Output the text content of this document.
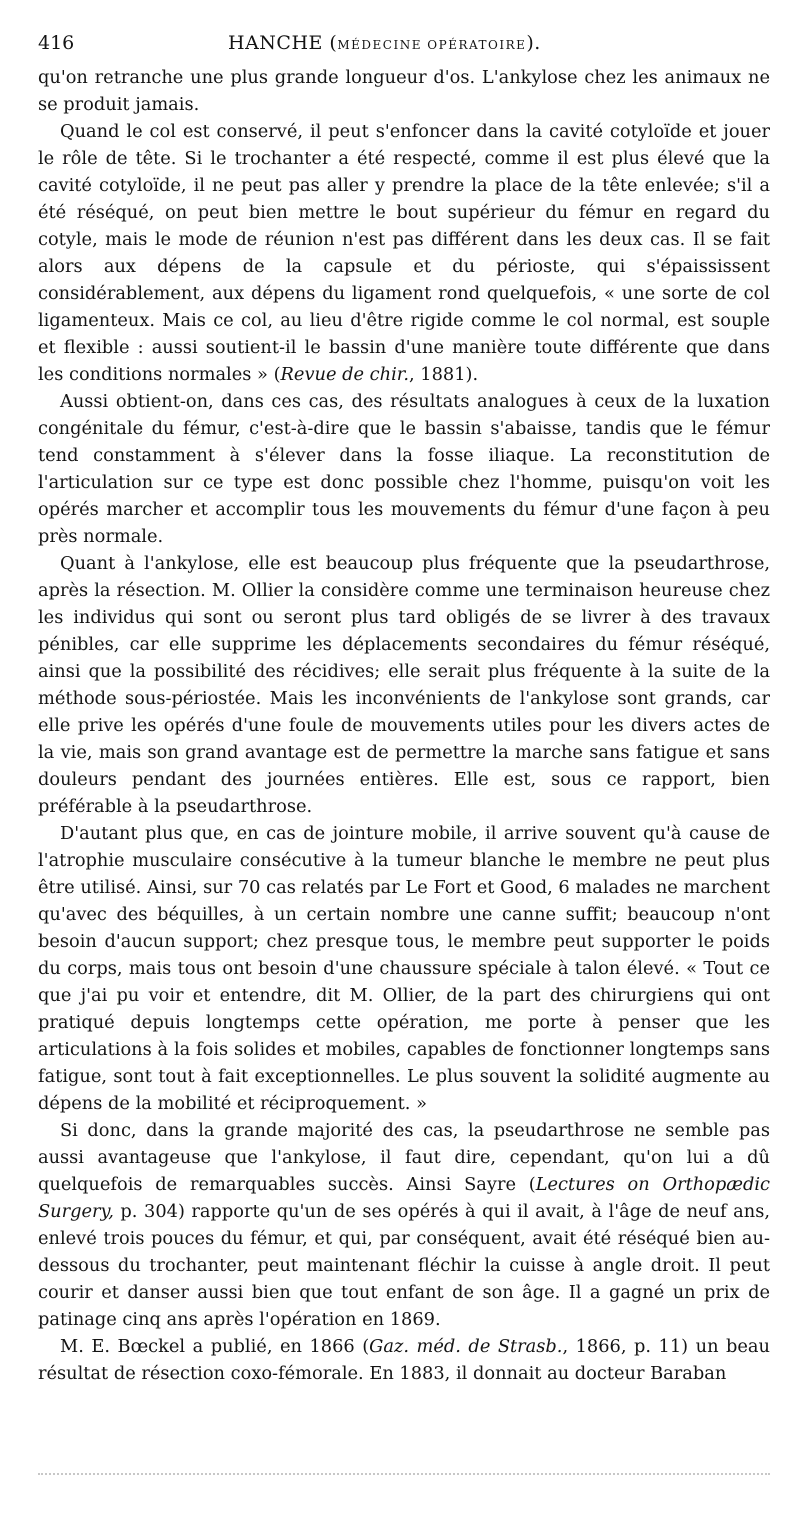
416	HANCHE (MÉDECINE OPÉRATOIRE).

qu'on retranche une plus grande longueur d'os. L'ankylose chez les animaux ne se produit jamais.

Quand le col est conservé, il peut s'enfoncer dans la cavité cotyloïde et jouer le rôle de tête. Si le trochanter a été respecté, comme il est plus élevé que la cavité cotyloïde, il ne peut pas aller y prendre la place de la tête enlevée; s'il a été réséqué, on peut bien mettre le bout supérieur du fémur en regard du cotyle, mais le mode de réunion n'est pas différent dans les deux cas. Il se fait alors aux dépens de la capsule et du périoste, qui s'épaississent considérablement, aux dépens du ligament rond quelquefois, « une sorte de col ligamenteux. Mais ce col, au lieu d'être rigide comme le col normal, est souple et flexible : aussi soutient-il le bassin d'une manière toute différente que dans les conditions normales » (Revue de chir., 1881).

Aussi obtient-on, dans ces cas, des résultats analogues à ceux de la luxation congénitale du fémur, c'est-à-dire que le bassin s'abaisse, tandis que le fémur tend constamment à s'élever dans la fosse iliaque. La reconstitution de l'articulation sur ce type est donc possible chez l'homme, puisqu'on voit les opérés marcher et accomplir tous les mouvements du fémur d'une façon à peu près normale.

Quant à l'ankylose, elle est beaucoup plus fréquente que la pseudarthrose, après la résection. M. Ollier la considère comme une terminaison heureuse chez les individus qui sont ou seront plus tard obligés de se livrer à des travaux pénibles, car elle supprime les déplacements secondaires du fémur réséqué, ainsi que la possibilité des récidives; elle serait plus fréquente à la suite de la méthode sous-périostée. Mais les inconvénients de l'ankylose sont grands, car elle prive les opérés d'une foule de mouvements utiles pour les divers actes de la vie, mais son grand avantage est de permettre la marche sans fatigue et sans douleurs pendant des journées entières. Elle est, sous ce rapport, bien préférable à la pseudarthrose.

D'autant plus que, en cas de jointure mobile, il arrive souvent qu'à cause de l'atrophie musculaire consécutive à la tumeur blanche le membre ne peut plus être utilisé. Ainsi, sur 70 cas relatés par Le Fort et Good, 6 malades ne marchent qu'avec des béquilles, à un certain nombre une canne suffit; beaucoup n'ont besoin d'aucun support; chez presque tous, le membre peut supporter le poids du corps, mais tous ont besoin d'une chaussure spéciale à talon élevé. « Tout ce que j'ai pu voir et entendre, dit M. Ollier, de la part des chirurgiens qui ont pratiqué depuis longtemps cette opération, me porte à penser que les articulations à la fois solides et mobiles, capables de fonctionner longtemps sans fatigue, sont tout à fait exceptionnelles. Le plus souvent la solidité augmente au dépens de la mobilité et réciproquement. »

Si donc, dans la grande majorité des cas, la pseudarthrose ne semble pas aussi avantageuse que l'ankylose, il faut dire, cependant, qu'on lui a dû quelquefois de remarquables succès. Ainsi Sayre (Lectures on Orthopædic Surgery, p. 304) rapporte qu'un de ses opérés à qui il avait, à l'âge de neuf ans, enlevé trois pouces du fémur, et qui, par conséquent, avait été réséqué bien au-dessous du trochanter, peut maintenant fléchir la cuisse à angle droit. Il peut courir et danser aussi bien que tout enfant de son âge. Il a gagné un prix de patinage cinq ans après l'opération en 1869.

M. E. Bœckel a publié, en 1866 (Gaz. méd. de Strasb., 1866, p. 11) un beau résultat de résection coxo-fémorale. En 1883, il donnait au docteur Baraban
